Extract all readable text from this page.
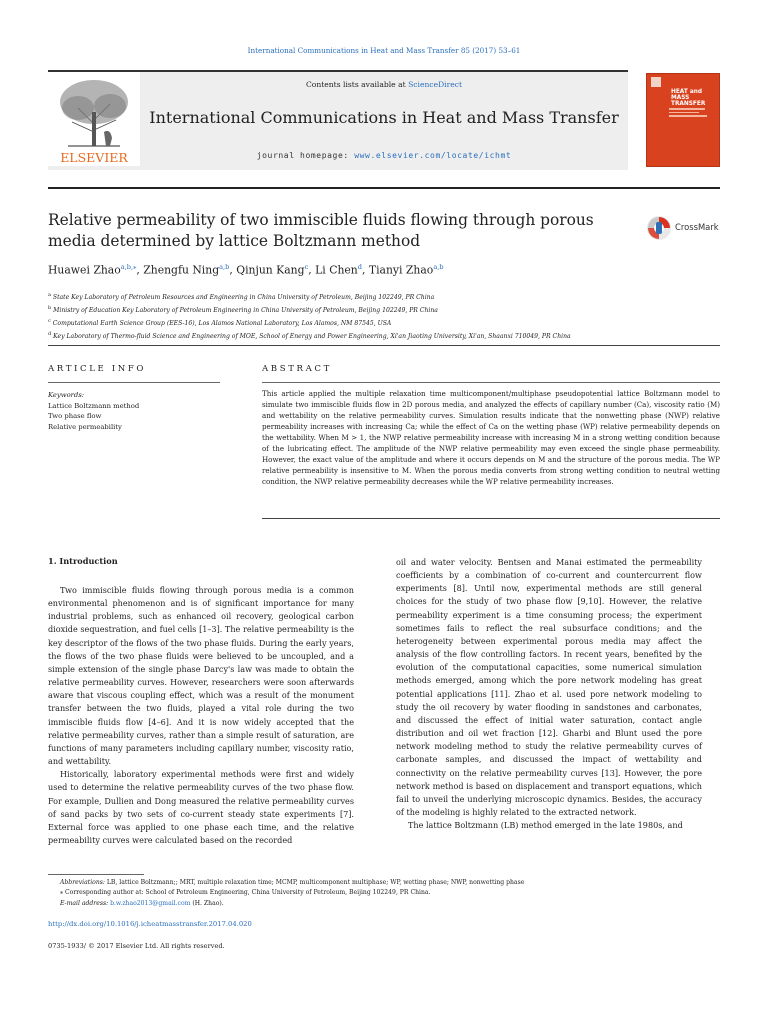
International Communications in Heat and Mass Transfer 85 (2017) 53–61
ELSEVIER
Contents lists available at ScienceDirect
International Communications in Heat and Mass Transfer
journal homepage: www.elsevier.com/locate/ichmt
HEAT and MASS TRANSFER
Relative permeability of two immiscible fluids flowing through porous media determined by lattice Boltzmann method
CrossMark
Huawei Zhao$^{a,b,⁎}$, Zhengfu Ning$^{a,b}$, Qinjun Kang$^c$, Li Chen$^d$, Tianyi Zhao$^{a,b}$
$^a$ State Key Laboratory of Petroleum Resources and Engineering in China University of Petroleum, Beijing 102249, PR China
$^b$ Ministry of Education Key Laboratory of Petroleum Engineering in China University of Petroleum, Beijing 102249, PR China
$^c$ Computational Earth Science Group (EES-16), Los Alamos National Laboratory, Los Alamos, NM 87545, USA
$^d$ Key Laboratory of Thermo-fluid Science and Engineering of MOE, School of Energy and Power Engineering, Xi'an Jiaoting University, Xi'an, Shaanxi 710049, PR China
ARTICLE INFO	ABSTRACT
Keywords:
Lattice Boltzmann method
Two phase flow
Relative permeability
This article applied the multiple relaxation time multicomponent/multiphase pseudopotential lattice Boltzmann model to simulate two immiscible fluids flow in 2D porous media, and analyzed the effects of capillary number (Ca), viscosity ratio (M) and wettability on the relative permeability curves. Simulation results indicate that the nonwetting phase (NWP) relative permeability increases with increasing Ca; while the effect of Ca on the wetting phase (WP) relative permeability depends on the wettability. When M > 1, the NWP relative permeability increase with increasing M in a strong wetting condition because of the lubricating effect. The amplitude of the NWP relative permeability may even exceed the single phase permeability. However, the exact value of the amplitude and where it occurs depends on M and the structure of the porous media. The WP relative permeability is insensitive to M. When the porous media converts from strong wetting condition to neutral wetting condition, the NWP relative permeability decreases while the WP relative permeability increases.
1. Introduction

Two immiscible fluids flowing through porous media is a common environmental phenomenon and is of significant importance for many industrial problems, such as enhanced oil recovery, geological carbon dioxide sequestration, and fuel cells [1–3]. The relative permeability is the key descriptor of the flows of the two phase fluids. During the early years, the flows of the two phase fluids were believed to be uncoupled, and a simple extension of the single phase Darcy's law was made to obtain the relative permeability curves. However, researchers were soon afterwards aware that viscous coupling effect, which was a result of the monument transfer between the two fluids, played a vital role during the two immiscible fluids flow [4–6]. And it is now widely accepted that the relative permeability curves, rather than a simple result of saturation, are functions of many parameters including capillary number, viscosity ratio, and wettability.

Historically, laboratory experimental methods were first and widely used to determine the relative permeability curves of the two phase flow. For example, Dullien and Dong measured the relative permeability curves of sand packs by two sets of co-current steady state experiments [7]. External force was applied to one phase each time, and the relative permeability curves were calculated based on the recorded

oil and water velocity. Bentsen and Manai estimated the permeability coefficients by a combination of co-current and countercurrent flow experiments [8]. Until now, experimental methods are still general choices for the study of two phase flow [9,10]. However, the relative permeability experiment is a time consuming process; the experiment sometimes fails to reflect the real subsurface conditions; and the heterogeneity between experimental porous media may affect the analysis of the flow controlling factors. In recent years, benefited by the evolution of the computational capacities, some numerical simulation methods emerged, among which the pore network modeling has great potential applications [11]. Zhao et al. used pore network modeling to study the oil recovery by water flooding in sandstones and carbonates, and discussed the effect of initial water saturation, contact angle distribution and oil wet fraction [12]. Gharbi and Blunt used the pore network modeling method to study the relative permeability curves of carbonate samples, and discussed the impact of wettability and connectivity on the relative permeability curves [13]. However, the pore network method is based on displacement and transport equations, which fail to unveil the underlying microscopic dynamics. Besides, the accuracy of the modeling is highly related to the extracted network.

The lattice Boltzmann (LB) method emerged in the late 1980s, and

Abbreviations: LB, lattice Boltzmann;; MRT, multiple relaxation time; MCMP, multicomponent multiphase; WP, wetting phase; NWP, nonwetting phase
⁎ Corresponding author at: School of Petroleum Engineering, China University of Petroleum, Beijing 102249, PR China.
E-mail address: b.w.zhao2013@gmail.com (H. Zhao).
http://dx.doi.org/10.1016/j.icheatmasstransfer.2017.04.020
0735-1933/ © 2017 Elsevier Ltd. All rights reserved.
